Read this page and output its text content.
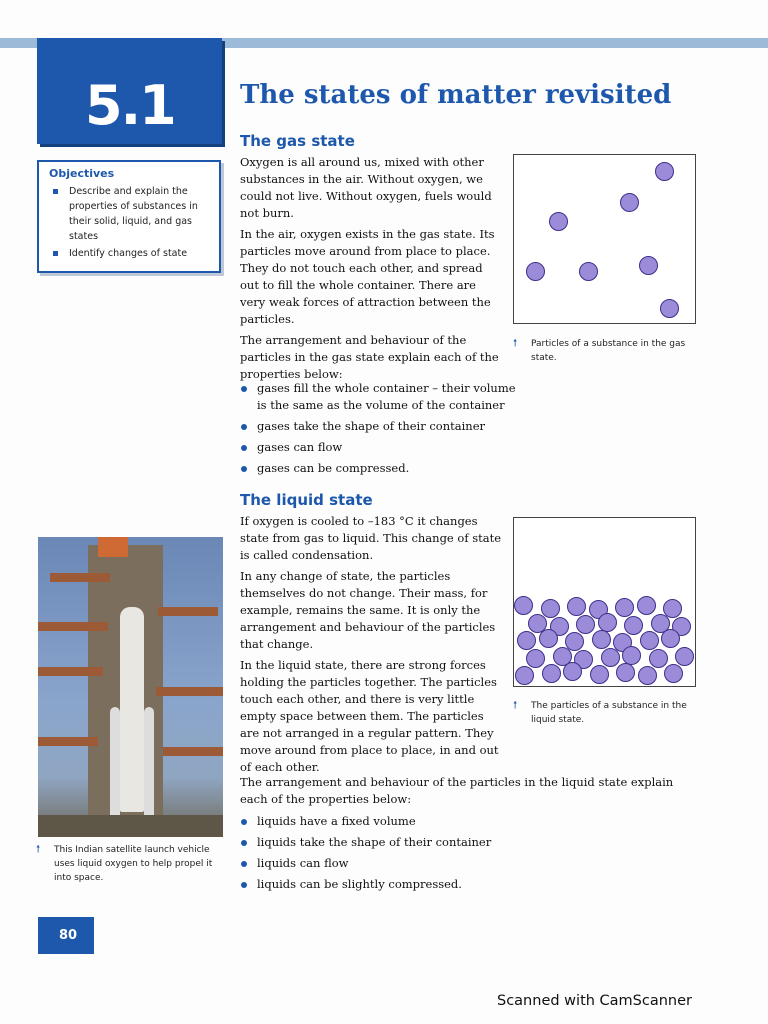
5.1	The states of matter revisited
Objectives
Describe and explain the properties of substances in their solid, liquid, and gas states
Identify changes of state
The gas state

Oxygen is all around us, mixed with other substances in the air. Without oxygen, we could not live. Without oxygen, fuels would not burn.

In the air, oxygen exists in the gas state. Its particles move around from place to place. They do not touch each other, and spread out to fill the whole container. There are very weak forces of attraction between the particles.

The arrangement and behaviour of the particles in the gas state explain each of the properties below:

gases fill the whole container – their volume is the same as the volume of the container
gases take the shape of their container
gases can flow
gases can be compressed.
🠕	Particles of a substance in the gas state.
The liquid state

If oxygen is cooled to –183 °C it changes state from gas to liquid. This change of state is called condensation.

In any change of state, the particles themselves do not change. Their mass, for example, remains the same. It is only the arrangement and behaviour of the particles that change.

In the liquid state, there are strong forces holding the particles together. The particles touch each other, and there is very little empty space between them. The particles are not arranged in a regular pattern. They move around from place to place, in and out of each other.

The arrangement and behaviour of the particles in the liquid state explain each of the properties below:
liquids have a fixed volume
liquids take the shape of their container
liquids can flow
liquids can be slightly compressed.
🠕	The particles of a substance in the liquid state.
🠕	This Indian satellite launch vehicle uses liquid oxygen to help propel it into space.
80
Scanned with CamScanner
